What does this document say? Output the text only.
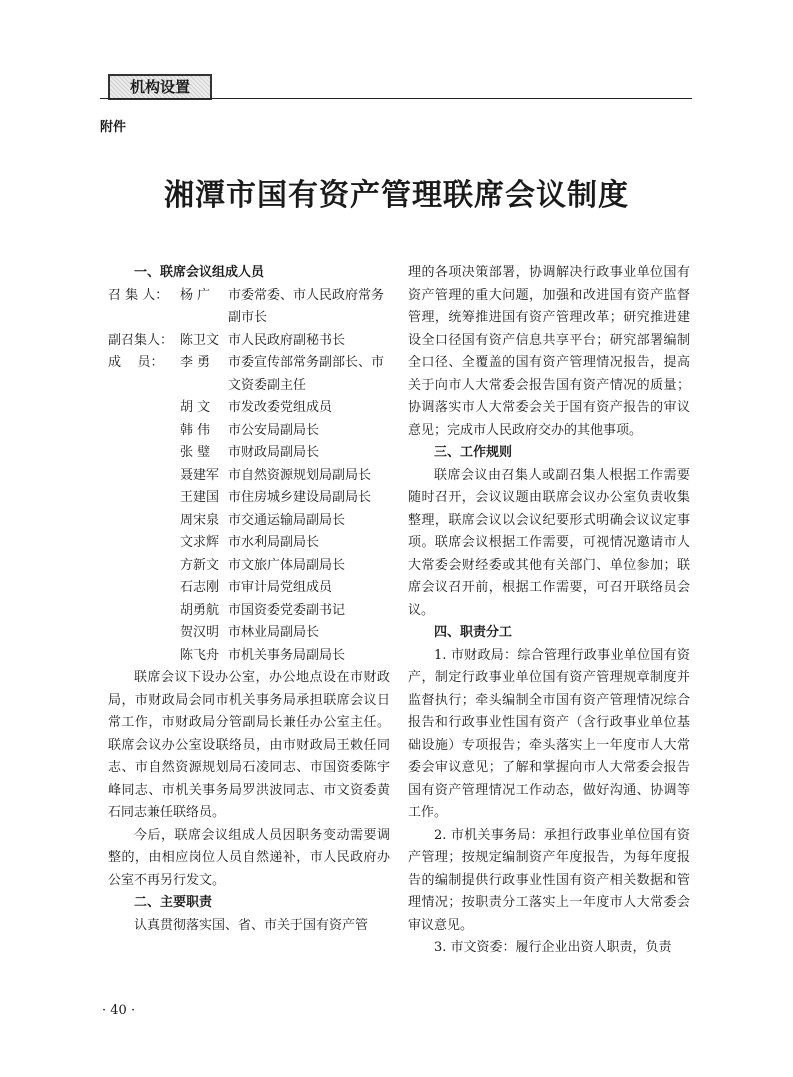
机构设置
附件
湘潭市国有资产管理联席会议制度

一、联席会议组成人员

召 集 人： 杨 广	市委常委、市人民政府常务副市长
副召集人： 陈卫文 市人民政府副秘书长
成    员：	李 勇	市委宣传部常务副部长、市文资委副主任
胡 文	市发改委党组成员
韩 伟	市公安局副局长
张 璧	市财政局副局长
聂建军 市自然资源规划局副局长
王建国 市住房城乡建设局副局长
周宋泉 市交通运输局副局长
文求辉 市水利局副局长
方新文 市文旅广体局副局长
石志刚 市审计局党组成员
胡勇航 市国资委党委副书记
贺汉明 市林业局副局长
陈飞舟 市机关事务局副局长

联席会议下设办公室，办公地点设在市财政局，市财政局会同市机关事务局承担联席会议日常工作，市财政局分管副局长兼任办公室主任。联席会议办公室设联络员，由市财政局王敕任同志、市自然资源规划局石凌同志、市国资委陈宇峰同志、市机关事务局罗洪波同志、市文资委黄石同志兼任联络员。

今后，联席会议组成人员因职务变动需要调整的，由相应岗位人员自然递补，市人民政府办公室不再另行发文。

二、主要职责

认真贯彻落实国、省、市关于国有资产管

理的各项决策部署，协调解决行政事业单位国有资产管理的重大问题，加强和改进国有资产监督管理，统筹推进国有资产管理改革；研究推进建设全口径国有资产信息共享平台；研究部署编制全口径、全覆盖的国有资产管理情况报告，提高关于向市人大常委会报告国有资产情况的质量；协调落实市人大常委会关于国有资产报告的审议意见；完成市人民政府交办的其他事项。

三、工作规则

联席会议由召集人或副召集人根据工作需要随时召开，会议议题由联席会议办公室负责收集整理，联席会议以会议纪要形式明确会议议定事项。联席会议根据工作需要，可视情况邀请市人大常委会财经委或其他有关部门、单位参加；联席会议召开前，根据工作需要，可召开联络员会议。

四、职责分工

1. 市财政局：综合管理行政事业单位国有资产，制定行政事业单位国有资产管理规章制度并监督执行；牵头编制全市国有资产管理情况综合报告和行政事业性国有资产（含行政事业单位基础设施）专项报告；牵头落实上一年度市人大常委会审议意见；了解和掌握向市人大常委会报告国有资产管理情况工作动态，做好沟通、协调等工作。

2. 市机关事务局：承担行政事业单位国有资产管理；按规定编制资产年度报告，为每年度报告的编制提供行政事业性国有资产相关数据和管理情况；按职责分工落实上一年度市人大常委会审议意见。

3. 市文资委：履行企业出资人职责，负责

· 40 ·
